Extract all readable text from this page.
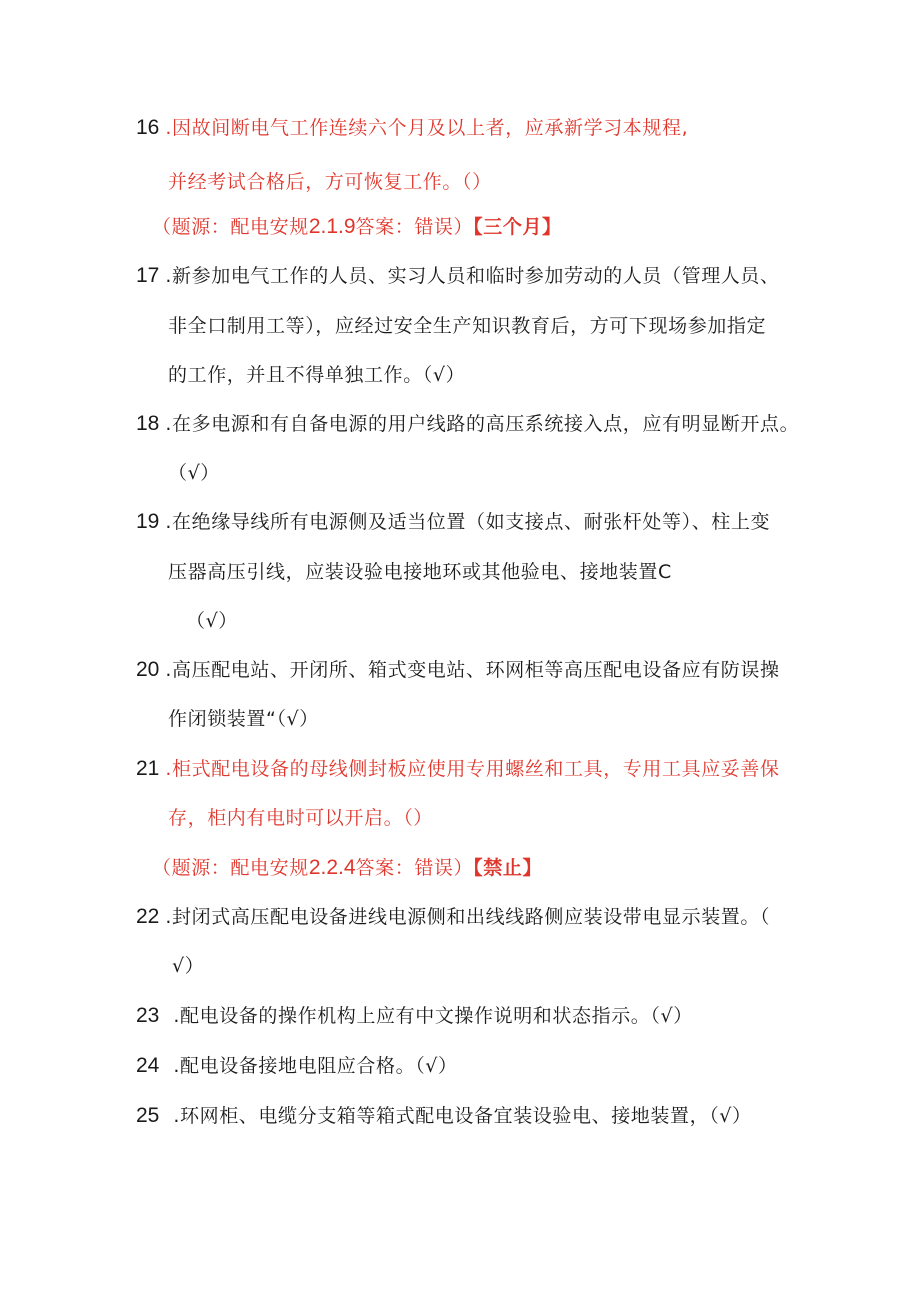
16 .因故间断电气工作连续六个月及以上者，应承新学习本规程,
并经考试合格后，方可恢复工作。（）
（题源：配电安规2.1.9答案：错误）【三个月】
17 .新参加电气工作的人员、实习人员和临时参加劳动的人员（管理人员、
非全口制用工等），应经过安全生产知识教育后，方可下现场参加指定
的工作，并且不得单独工作。（√）
18 .在多电源和有自备电源的用户线路的高压系统接入点，应有明显断开点。
（√）
19 .在绝缘导线所有电源侧及适当位置（如支接点、耐张杆处等）、柱上变
压器高压引线，应装设验电接地环或其他验电、接地装置C
（√）
20 .高压配电站、开闭所、箱式变电站、环网柜等高压配电设备应有防误操
作闭锁装置“（√）
21 .柜式配电设备的母线侧封板应使用专用螺丝和工具，专用工具应妥善保
存，柜内有电时可以开启。（）
（题源：配电安规2.2.4答案：错误）【禁止】
22 .封闭式高压配电设备进线电源侧和出线线路侧应装设带电显示装置。（
√）
23 .配电设备的操作机构上应有中文操作说明和状态指示。（√）
24 .配电设备接地电阻应合格。（√）
25 .环网柜、电缆分支箱等箱式配电设备宜装设验电、接地装置，（√）
